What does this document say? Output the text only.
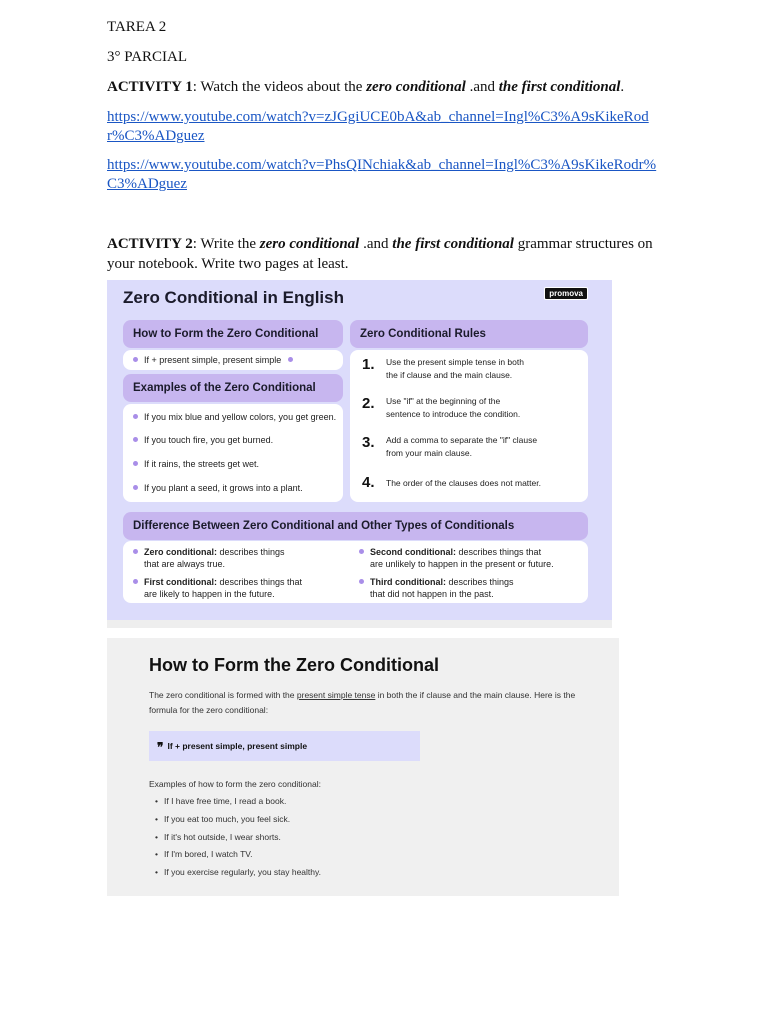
TAREA 2
3° PARCIAL
ACTIVITY 1: Watch the videos about the zero conditional .and the first conditional.
https://www.youtube.com/watch?v=zJGgiUCE0bA&ab_channel=Ingl%C3%A9sKikeRodr%C3%ADguez
https://www.youtube.com/watch?v=PhsQINchiak&ab_channel=Ingl%C3%A9sKikeRodr%C3%ADguez
ACTIVITY 2: Write the zero conditional .and the first conditional grammar structures on
your notebook. Write two pages at least.
Zero Conditional in English	promova
How to Form the Zero Conditional
If + present simple, present simple
Examples of the Zero Conditional
If you mix blue and yellow colors, you get green.
If you touch fire, you get burned.
If it rains, the streets get wet.
If you plant a seed, it grows into a plant.
Zero Conditional Rules
1. Use the present simple tense in both
the if clause and the main clause.
2. Use "if" at the beginning of the
sentence to introduce the condition.
3. Add a comma to separate the "if" clause
from your main clause.
4. The order of the clauses does not matter.
Difference Between Zero Conditional and Other Types of Conditionals
Zero conditional: describes things
that are always true.
First conditional: describes things that
are likely to happen in the future.
Second conditional: describes things that
are unlikely to happen in the present or future.
Third conditional: describes things
that did not happen in the past.
How to Form the Zero Conditional
The zero conditional is formed with the present simple tense in both the if clause and the main clause. Here is the formula for the zero conditional:
❞ If + present simple, present simple
Examples of how to form the zero conditional:
• If I have free time, I read a book.
• If you eat too much, you feel sick.
• If it's hot outside, I wear shorts.
• If I'm bored, I watch TV.
• If you exercise regularly, you stay healthy.
